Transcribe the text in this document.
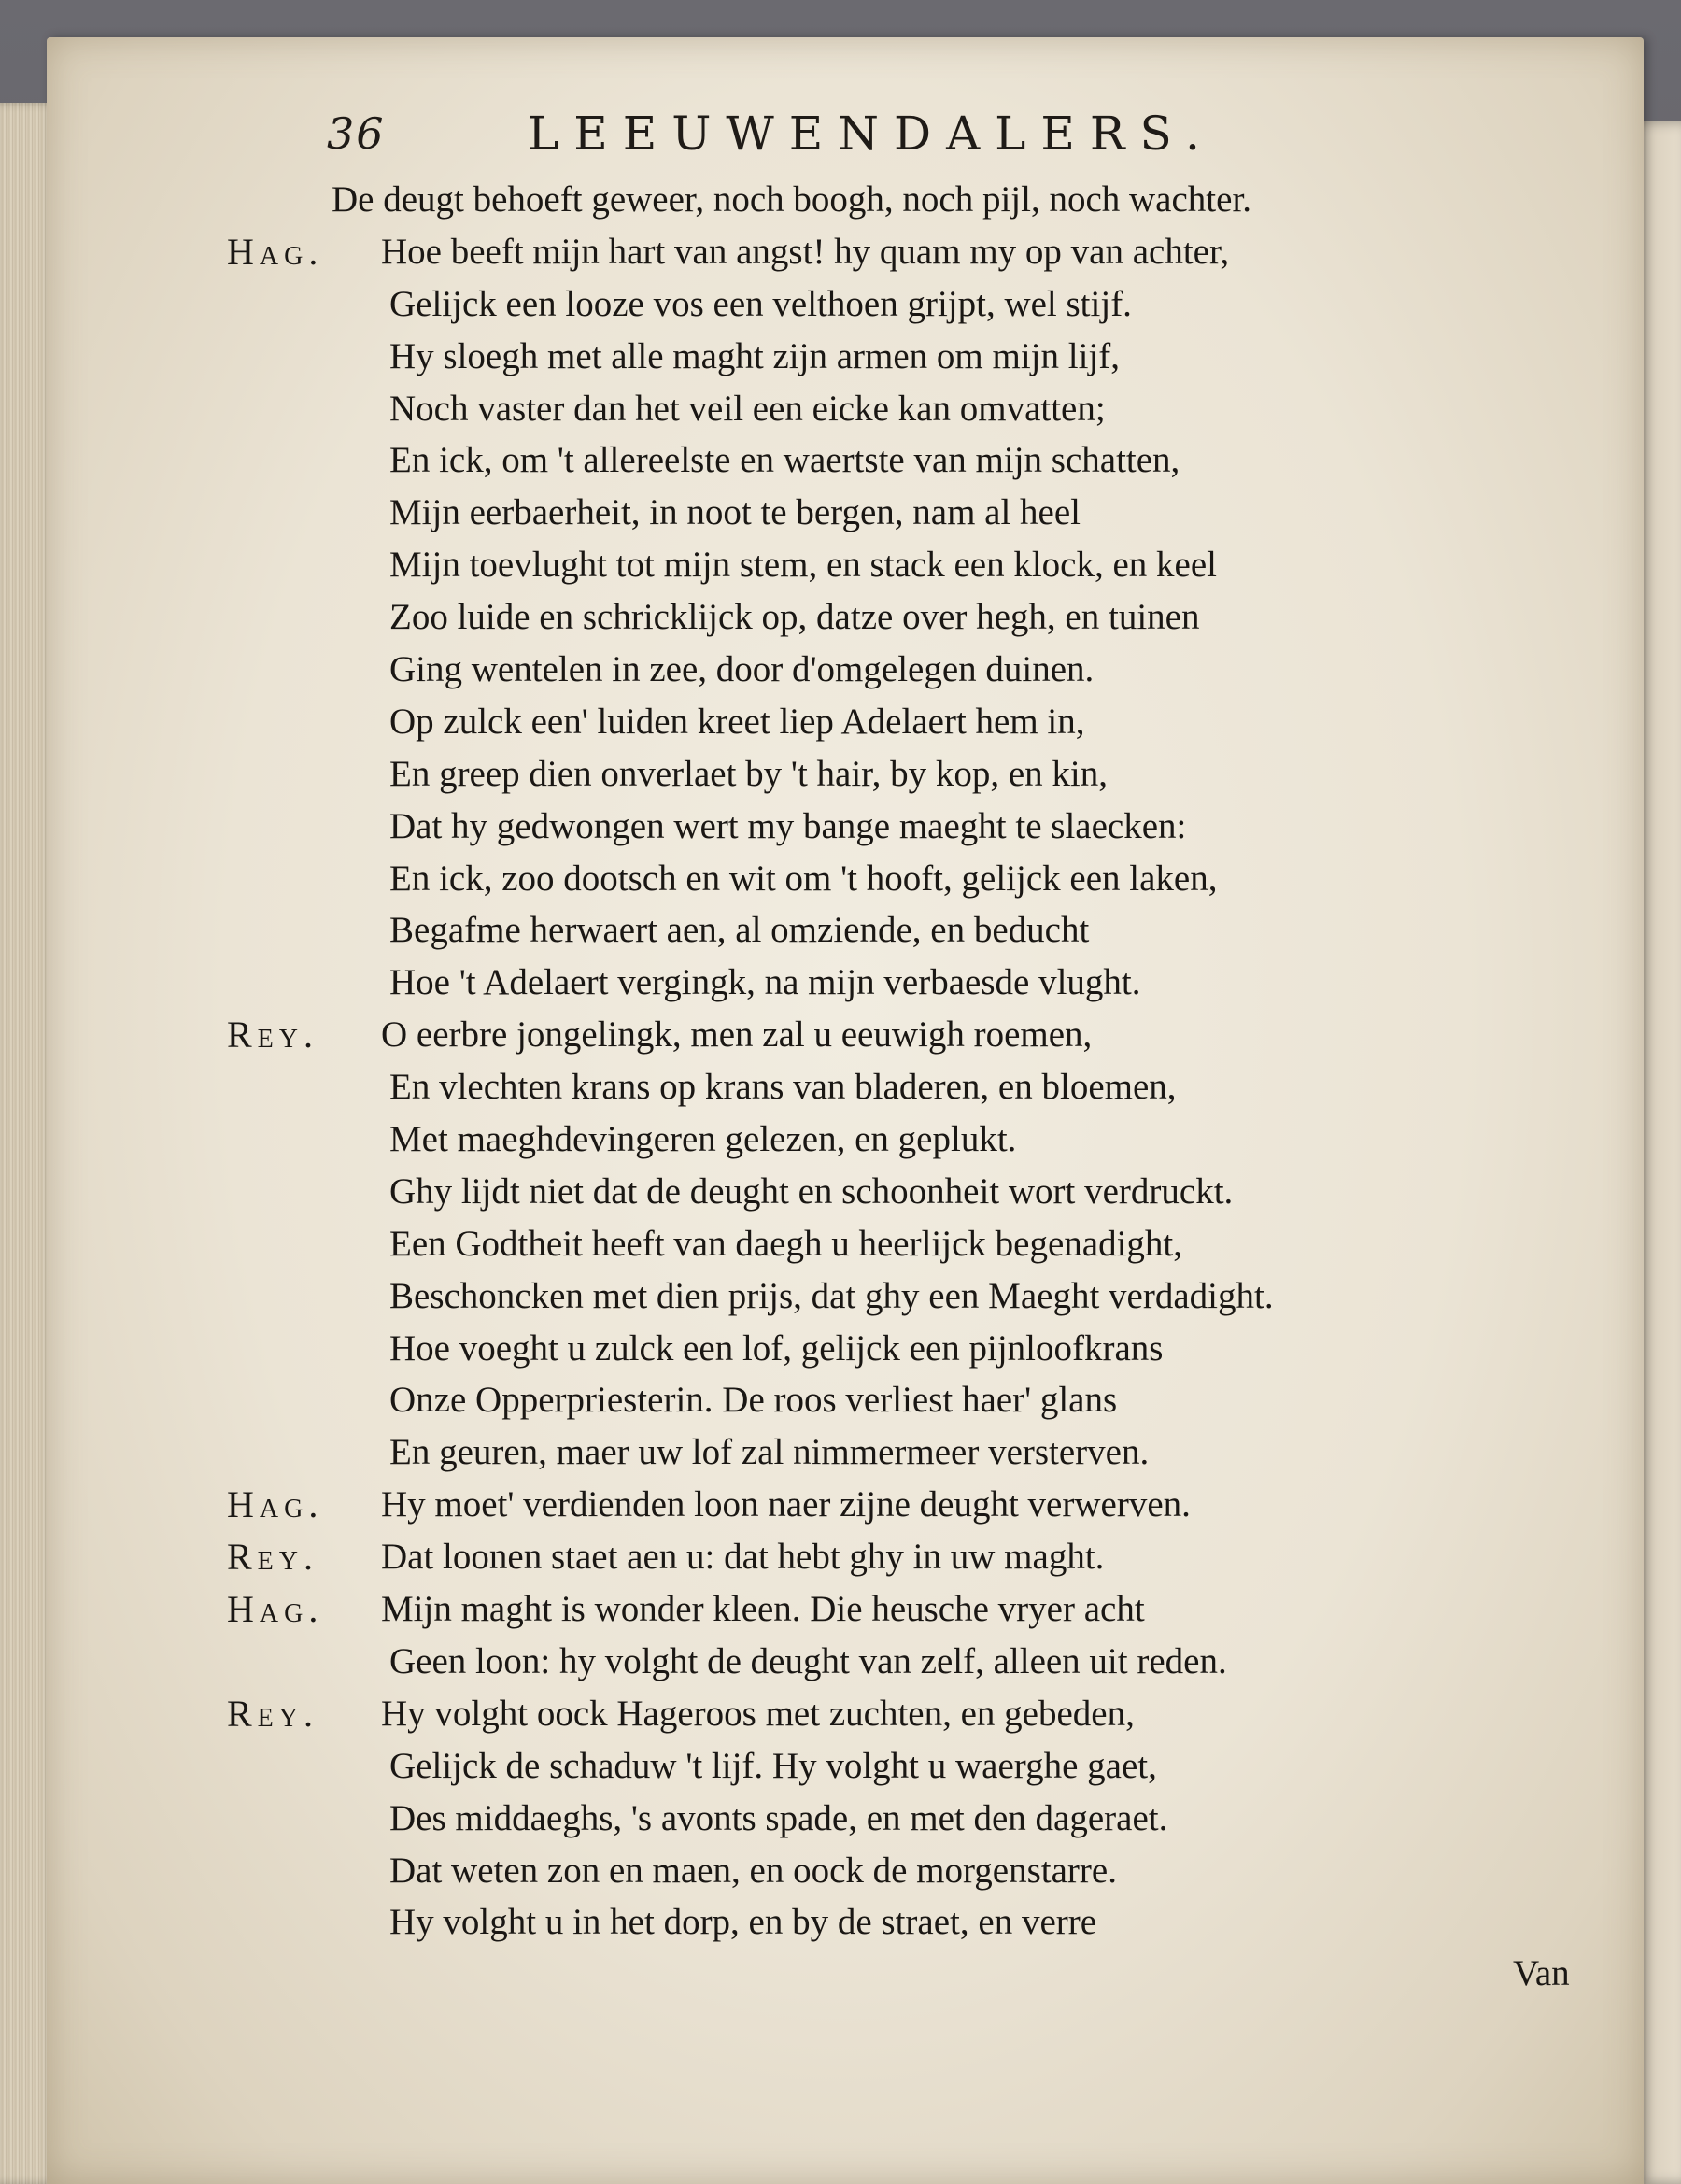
36	LEEUWENDALERS.
De deugt behoeft geweer, noch boogh, noch pijl, noch wachter.
Hag. Hoe beeft mijn hart van angst! hy quam my op van achter,
Gelijck een looze vos een velthoen grijpt, wel stijf.
Hy sloegh met alle maght zijn armen om mijn lijf,
Noch vaster dan het veil een eicke kan omvatten;
En ick, om 't allereelste en waertste van mijn schatten,
Mijn eerbaerheit, in noot te bergen, nam al heel
Mijn toevlught tot mijn stem, en stack een klock, en keel
Zoo luide en schricklijck op, datze over hegh, en tuinen
Ging wentelen in zee, door d'omgelegen duinen.
Op zulck een' luiden kreet liep Adelaert hem in,
En greep dien onverlaet by 't hair, by kop, en kin,
Dat hy gedwongen wert my bange maeght te slaecken:
En ick, zoo dootsch en wit om 't hooft, gelijck een laken,
Begafme herwaert aen, al omziende, en beducht
Hoe 't Adelaert vergingk, na mijn verbaesde vlught.
Rey. O eerbre jongelingk, men zal u eeuwigh roemen,
En vlechten krans op krans van bladeren, en bloemen,
Met maeghdevingeren gelezen, en geplukt.
Ghy lijdt niet dat de deught en schoonheit wort verdruckt.
Een Godtheit heeft van daegh u heerlijck begenadight,
Beschoncken met dien prijs, dat ghy een Maeght verdadight.
Hoe voeght u zulck een lof, gelijck een pijnloofkrans
Onze Opperpriesterin. De roos verliest haer' glans
En geuren, maer uw lof zal nimmermeer versterven.
Hag. Hy moet' verdienden loon naer zijne deught verwerven.
Rey. Dat loonen staet aen u: dat hebt ghy in uw maght.
Hag. Mijn maght is wonder kleen. Die heusche vryer acht
Geen loon: hy volght de deught van zelf, alleen uit reden.
Rey. Hy volght oock Hageroos met zuchten, en gebeden,
Gelijck de schaduw 't lijf. Hy volght u waerghe gaet,
Des middaeghs, 's avonts spade, en met den dageraet.
Dat weten zon en maen, en oock de morgenstarre.
Hy volght u in het dorp, en by de straet, en verre
Van
